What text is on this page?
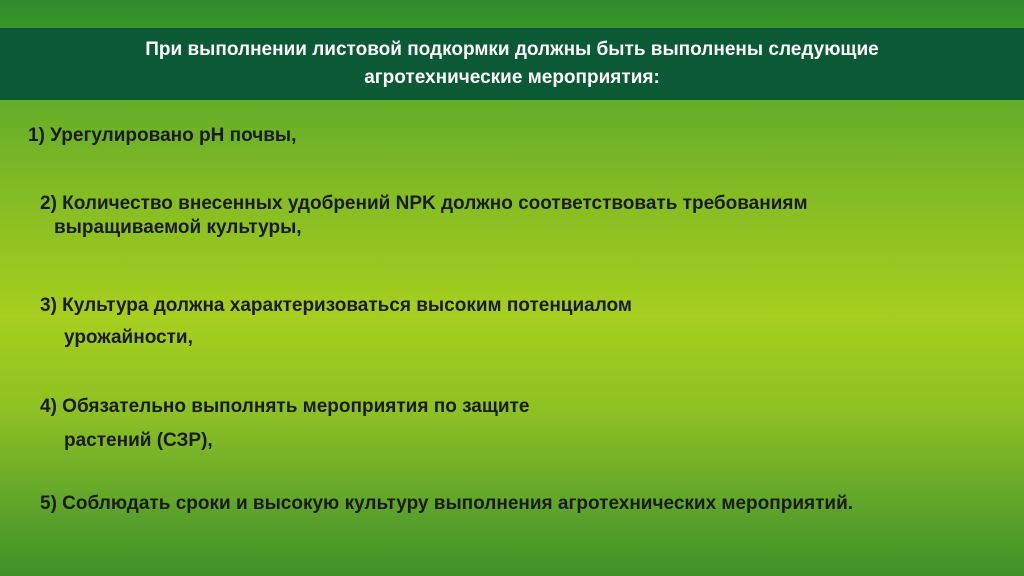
При выполнении листовой подкормки должны быть выполнены следующие
агротехнические мероприятия:
1) Урегулировано рН почвы,
2) Количество внесенных удобрений NPK должно соответствовать требованиям
выращиваемой культуры,
3) Культура должна характеризоваться высоким потенциалом
урожайности,
4) Обязательно выполнять мероприятия по защите
растений (СЗР),
5) Соблюдать сроки и высокую культуру выполнения агротехнических мероприятий.
